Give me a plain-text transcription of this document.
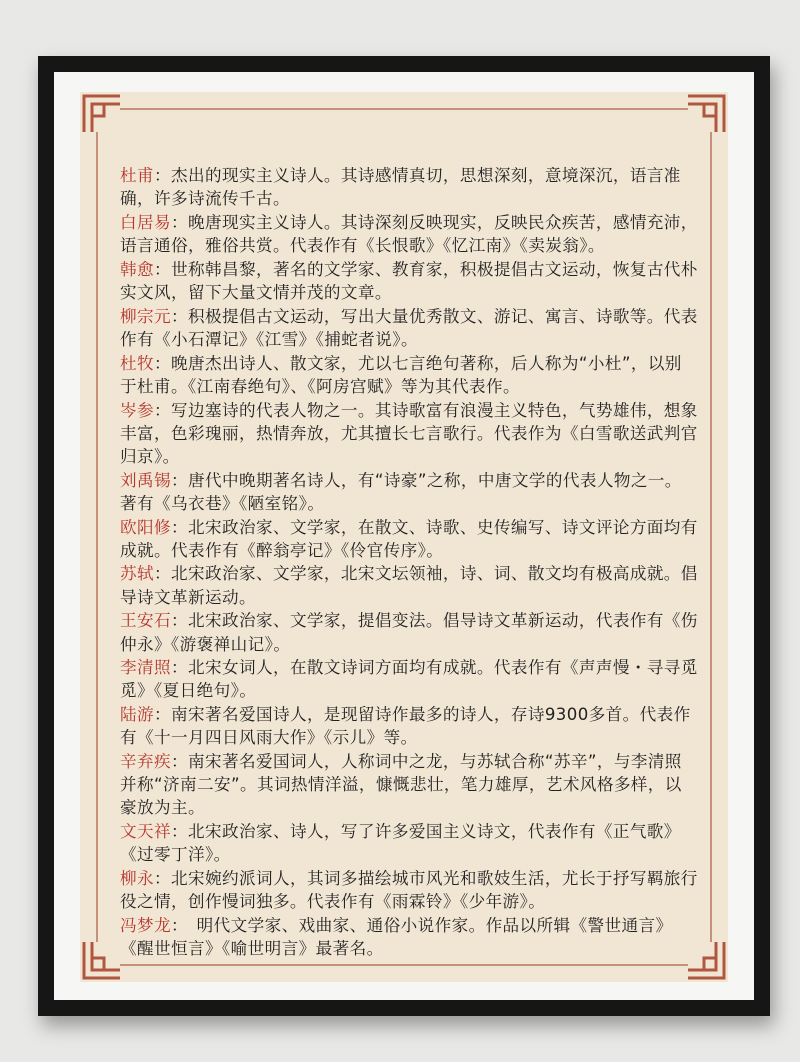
杜甫：杰出的现实主义诗人。其诗感情真切，思想深刻，意境深沉，语言准确，许多诗流传千古。

白居易：晚唐现实主义诗人。其诗深刻反映现实，反映民众疾苦，感情充沛，语言通俗，雅俗共赏。代表作有《长恨歌》《忆江南》《卖炭翁》。

韩愈：世称韩昌黎，著名的文学家、教育家，积极提倡古文运动，恢复古代朴实文风，留下大量文情并茂的文章。

柳宗元：积极提倡古文运动，写出大量优秀散文、游记、寓言、诗歌等。代表作有《小石潭记》《江雪》《捕蛇者说》。

杜牧：晚唐杰出诗人、散文家，尤以七言绝句著称，后人称为“小杜”，以别于杜甫。《江南春绝句》、《阿房宫赋》等为其代表作。

岑参：写边塞诗的代表人物之一。其诗歌富有浪漫主义特色，气势雄伟，想象丰富，色彩瑰丽，热情奔放，尤其擅长七言歌行。代表作为《白雪歌送武判官归京》。

刘禹锡：唐代中晚期著名诗人，有“诗豪”之称，中唐文学的代表人物之一。著有《乌衣巷》《陋室铭》。

欧阳修：北宋政治家、文学家，在散文、诗歌、史传编写、诗文评论方面均有成就。代表作有《醉翁亭记》《伶官传序》。

苏轼：北宋政治家、文学家，北宋文坛领袖，诗、词、散文均有极高成就。倡导诗文革新运动。

王安石：北宋政治家、文学家，提倡变法。倡导诗文革新运动，代表作有《伤仲永》《游褒禅山记》。

李清照：北宋女词人，在散文诗词方面均有成就。代表作有《声声慢・寻寻觅觅》《夏日绝句》。

陆游：南宋著名爱国诗人，是现留诗作最多的诗人，存诗9300多首。代表作有《十一月四日风雨大作》《示儿》等。

辛弃疾：南宋著名爱国词人，人称词中之龙，与苏轼合称“苏辛”，与李清照并称“济南二安”。其词热情洋溢，慷慨悲壮，笔力雄厚，艺术风格多样，以豪放为主。

文天祥：北宋政治家、诗人，写了许多爱国主义诗文，代表作有《正气歌》《过零丁洋》。

柳永：北宋婉约派词人，其词多描绘城市风光和歌妓生活，尤长于抒写羁旅行役之情，创作慢词独多。代表作有《雨霖铃》《少年游》。

冯梦龙：　明代文学家、戏曲家、通俗小说作家。作品以所辑《警世通言》《醒世恒言》《喻世明言》最著名。
